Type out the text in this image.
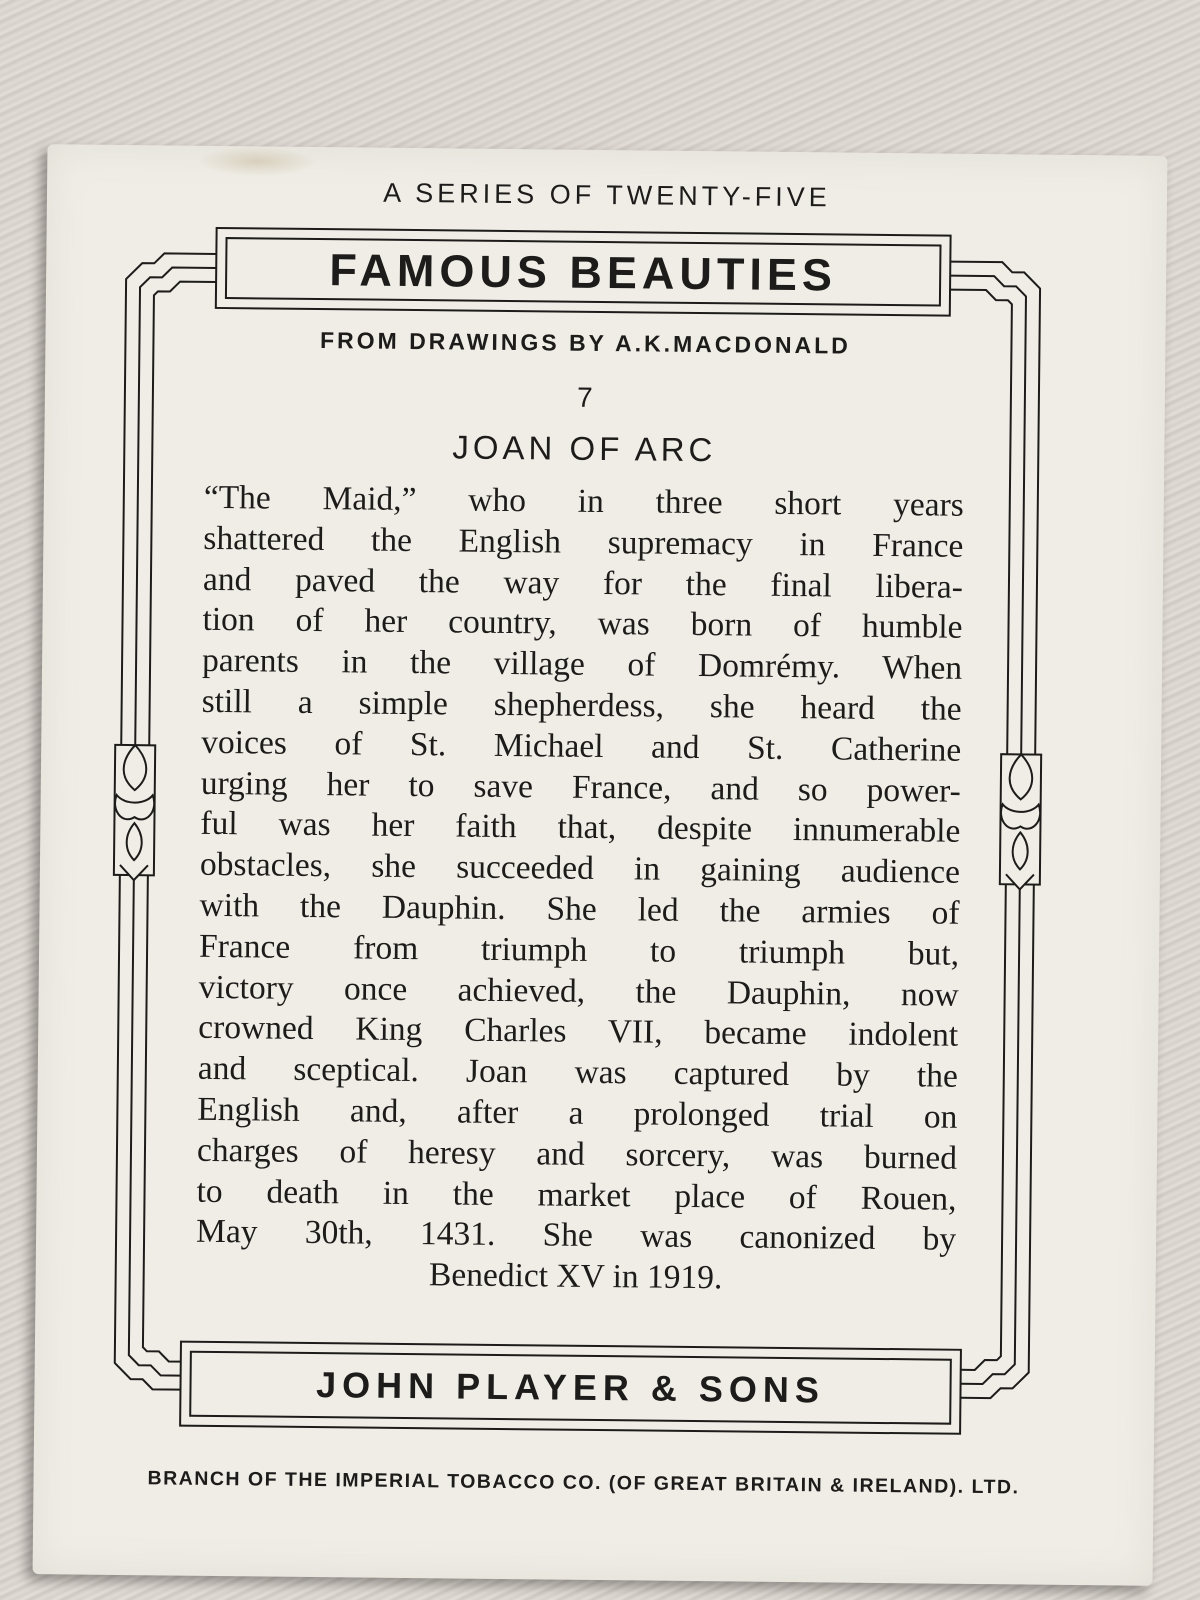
A SERIES OF TWENTY-FIVE
FAMOUS BEAUTIES
FROM DRAWINGS BY A.K.MACDONALD
7
JOAN OF ARC
“The Maid,” who in three short years
shattered the English supremacy in France
and paved the way for the final libera-
tion of her country, was born of humble
parents in the village of Domrémy. When
still a simple shepherdess, she heard the
voices of St. Michael and St. Catherine
urging her to save France, and so power-
ful was her faith that, despite innumerable
obstacles, she succeeded in gaining audience
with the Dauphin. She led the armies of
France from triumph to triumph but,
victory once achieved, the Dauphin, now
crowned King Charles VII, became indolent
and sceptical. Joan was captured by the
English and, after a prolonged trial on
charges of heresy and sorcery, was burned
to death in the market place of Rouen,
May 30th, 1431. She was canonized by
Benedict XV in 1919.
JOHN PLAYER & SONS
BRANCH OF THE IMPERIAL TOBACCO CO. (OF GREAT BRITAIN & IRELAND). LTD.
